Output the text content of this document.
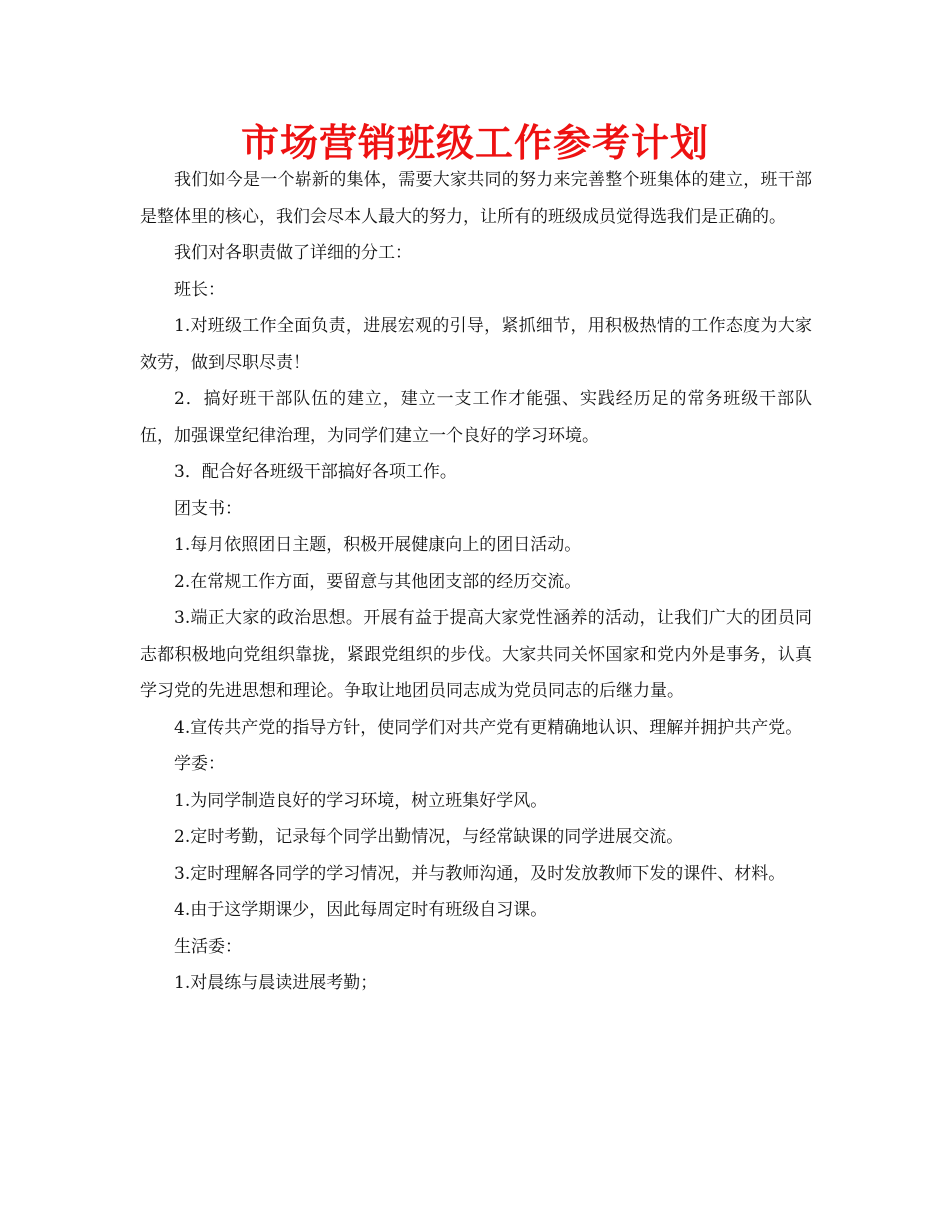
市场营销班级工作参考计划

我们如今是一个崭新的集体，需要大家共同的努力来完善整个班集体的建立，班干部是整体里的核心，我们会尽本人最大的努力，让所有的班级成员觉得选我们是正确的。

我们对各职责做了详细的分工：

班长：

1.对班级工作全面负责，进展宏观的引导，紧抓细节，用积极热情的工作态度为大家效劳，做到尽职尽责！

2．搞好班干部队伍的建立，建立一支工作才能强、实践经历足的常务班级干部队伍，加强课堂纪律治理，为同学们建立一个良好的学习环境。

3．配合好各班级干部搞好各项工作。

团支书：

1.每月依照团日主题，积极开展健康向上的团日活动。

2.在常规工作方面，要留意与其他团支部的经历交流。

3.端正大家的政治思想。开展有益于提高大家党性涵养的活动，让我们广大的团员同志都积极地向党组织靠拢，紧跟党组织的步伐。大家共同关怀国家和党内外是事务，认真学习党的先进思想和理论。争取让地团员同志成为党员同志的后继力量。

4.宣传共产党的指导方针，使同学们对共产党有更精确地认识、理解并拥护共产党。

学委：

1.为同学制造良好的学习环境，树立班集好学风。

2.定时考勤，记录每个同学出勤情况，与经常缺课的同学进展交流。

3.定时理解各同学的学习情况，并与教师沟通，及时发放教师下发的课件、材料。

4.由于这学期课少，因此每周定时有班级自习课。

生活委：

1.对晨练与晨读进展考勤；
